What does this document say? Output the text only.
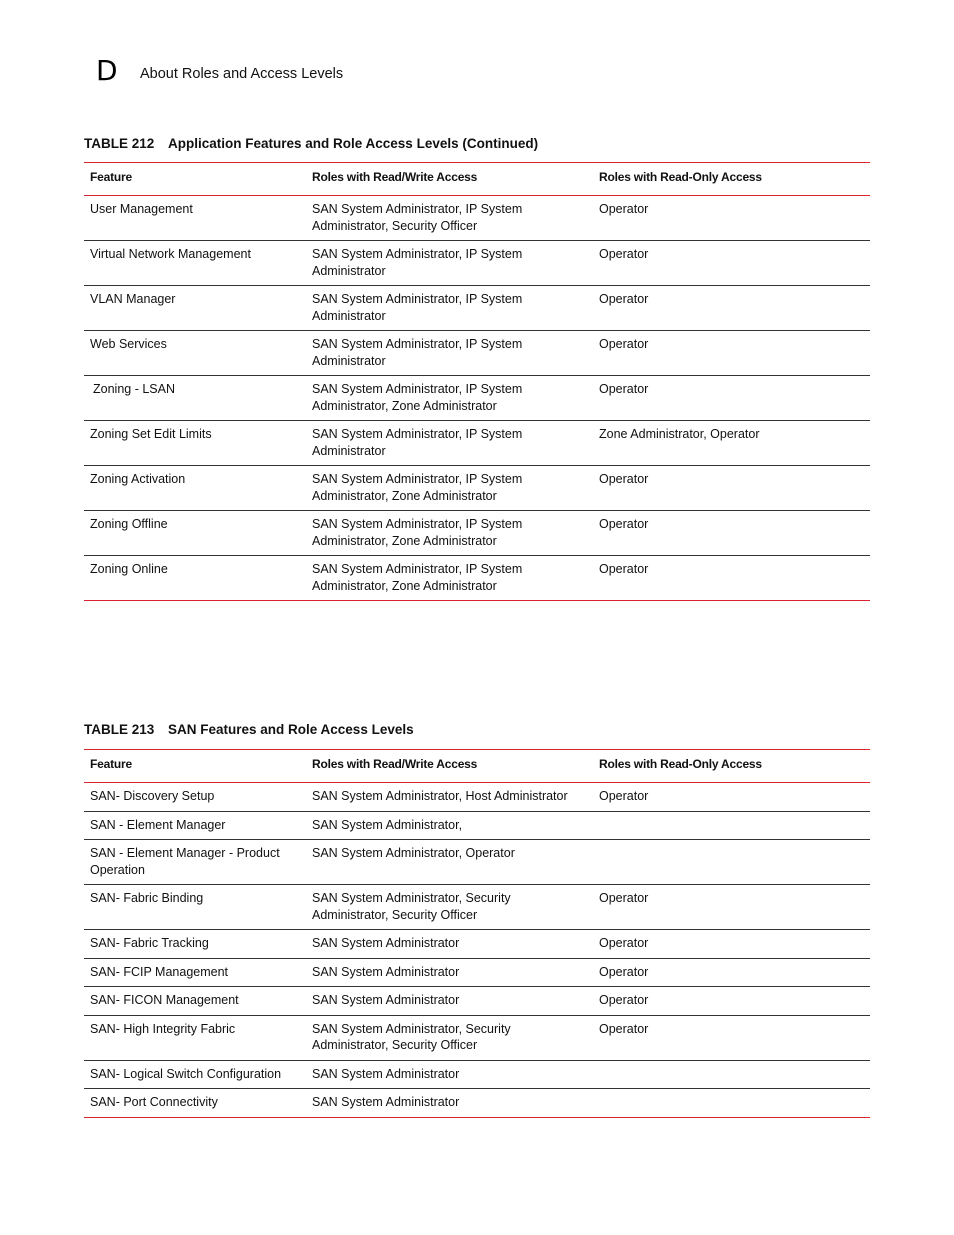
D About Roles and Access Levels
TABLE 212 Application Features and Role Access Levels (Continued)
Feature	Roles with Read/Write Access	Roles with Read-Only Access
User Management	SAN System Administrator, IP System Administrator, Security Officer	Operator
Virtual Network Management	SAN System Administrator, IP System Administrator	Operator
VLAN Manager	SAN System Administrator, IP System Administrator	Operator
Web Services	SAN System Administrator, IP System Administrator	Operator
Zoning - LSAN	SAN System Administrator, IP System Administrator, Zone Administrator	Operator
Zoning Set Edit Limits	SAN System Administrator, IP System Administrator	Zone Administrator, Operator
Zoning Activation	SAN System Administrator, IP System Administrator, Zone Administrator	Operator
Zoning Offline	SAN System Administrator, IP System Administrator, Zone Administrator	Operator
Zoning Online	SAN System Administrator, IP System Administrator, Zone Administrator	Operator
TABLE 213 SAN Features and Role Access Levels
Feature	Roles with Read/Write Access	Roles with Read-Only Access
SAN- Discovery Setup	SAN System Administrator, Host Administrator	Operator
SAN - Element Manager	SAN System Administrator,	
SAN - Element Manager - Product Operation	SAN System Administrator, Operator	
SAN- Fabric Binding	SAN System Administrator, Security Administrator, Security Officer	Operator
SAN- Fabric Tracking	SAN System Administrator	Operator
SAN- FCIP Management	SAN System Administrator	Operator
SAN- FICON Management	SAN System Administrator	Operator
SAN- High Integrity Fabric	SAN System Administrator, Security Administrator, Security Officer	Operator
SAN- Logical Switch Configuration	SAN System Administrator	
SAN- Port Connectivity	SAN System Administrator	
